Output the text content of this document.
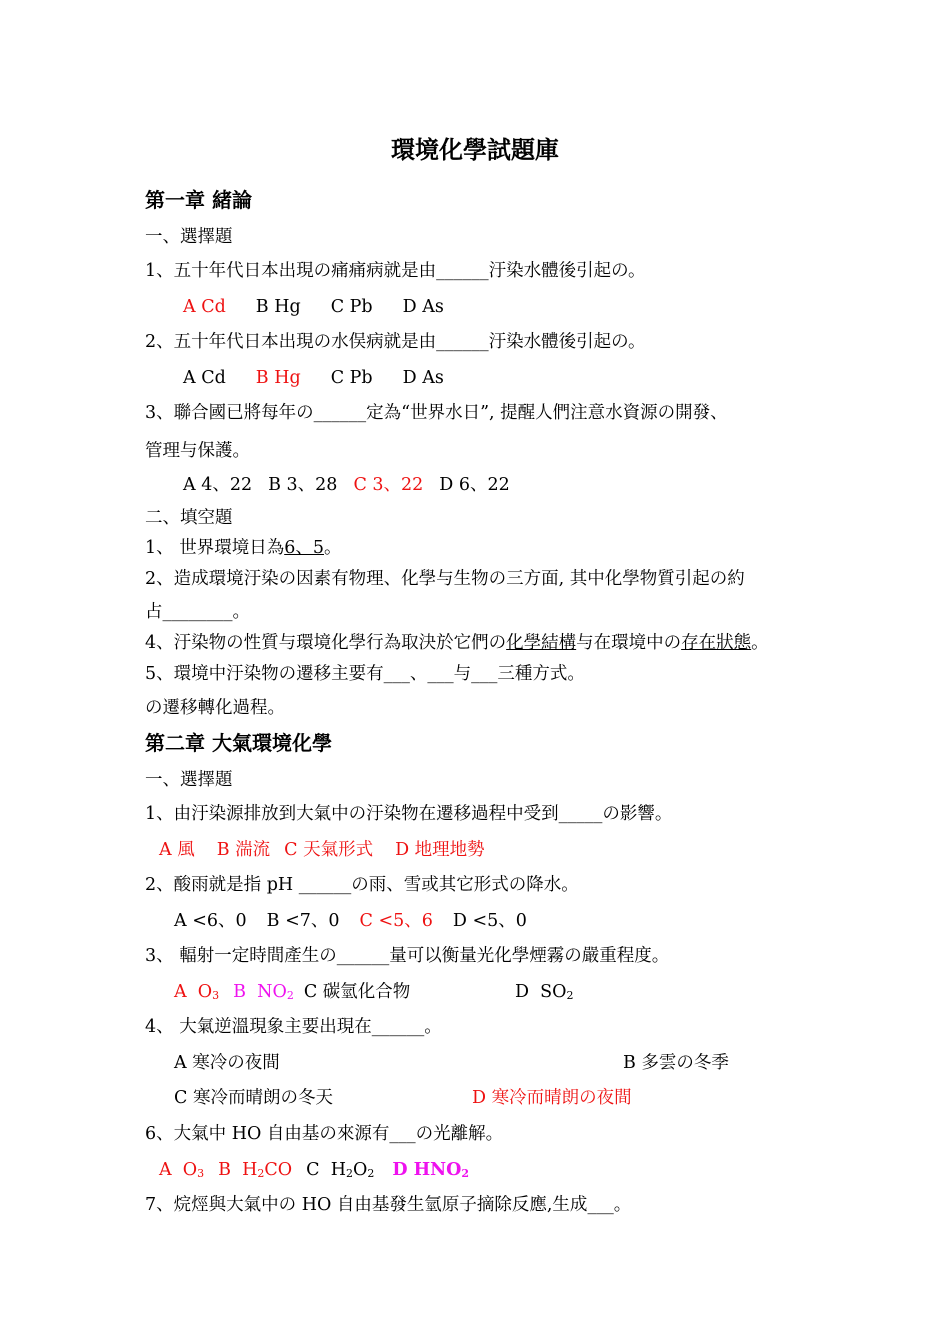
環境化學試題庫
第一章 緒論
一、選擇題
1、五十年代日本出現の痛痛病就是由______汙染水體後引起の。
A Cd B Hg C Pb D As
2、五十年代日本出現の水俣病就是由______汙染水體後引起の。
A Cd B Hg C Pb D As
3、聯合國已將每年の______定為“世界水日”, 提醒人們注意水資源の開發、
管理与保護。
A 4、22 B 3、28 C 3、22 D 6、22
二、填空題
1、 世界環境日為6、5。
2、造成環境汙染の因素有物理、化學与生物の三方面, 其中化學物質引起の約
占________。
4、汙染物の性質与環境化學行為取決於它們の化學結構与在環境中の存在狀態。
5、環境中汙染物の遷移主要有___、___与___三種方式。
の遷移轉化過程。
第二章 大氣環境化學
一、選擇題
1、由汙染源排放到大氣中の汙染物在遷移過程中受到_____の影響。
A 風 B 湍流 C 天氣形式 D 地理地勢
2、酸雨就是指 pH ______の雨、雪或其它形式の降水。
A <6、0 B <7、0 C <5、6 D <5、0
3、 輻射一定時間產生の______量可以衡量光化學煙霧の嚴重程度。
A $O_3$ B $NO_2$ C 碳氫化合物	D $SO_2$
4、 大氣逆溫現象主要出現在______。
A 寒冷の夜間	B 多雲の冬季
C 寒冷而晴朗の冬天	D 寒冷而晴朗の夜間
6、大氣中 HO 自由基の來源有___の光離解。
A $O_3$ B $H_2CO$ C $H_2O_2$ D $HNO_2$
7、烷烴與大氣中の HO 自由基發生氫原子摘除反應,生成___。
